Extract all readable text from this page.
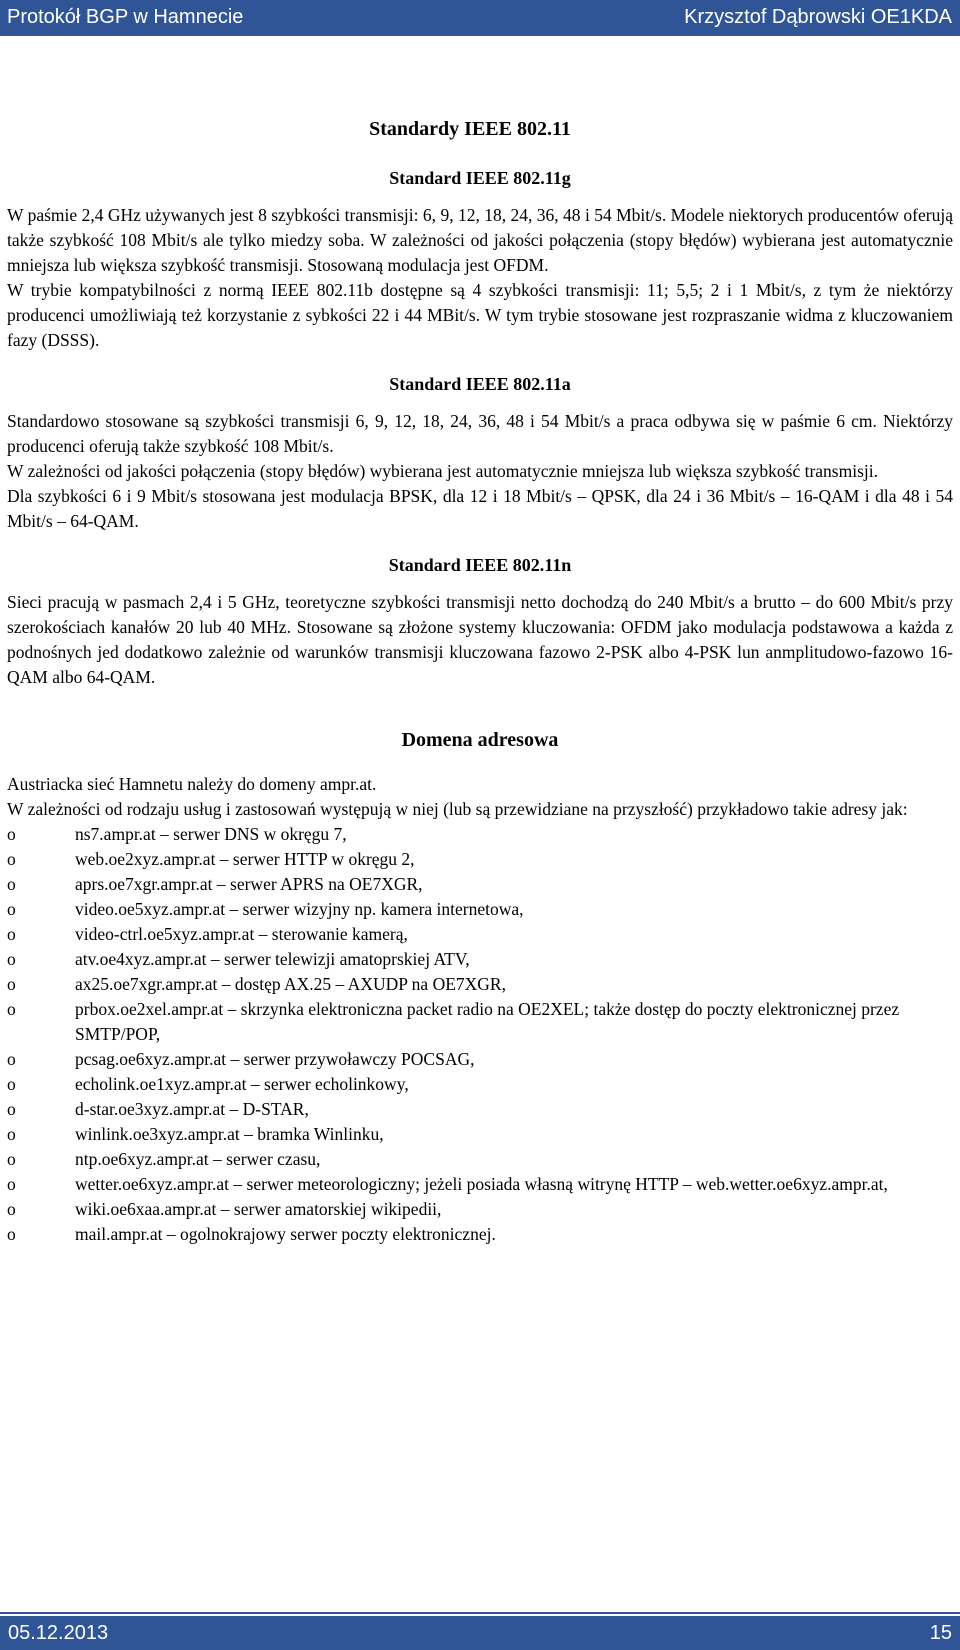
Protokół BGP w Hamnecie	Krzysztof Dąbrowski OE1KDA

Standardy IEEE 802.11

Standard IEEE 802.11g

W paśmie 2,4 GHz używanych jest 8 szybkości transmisji: 6, 9, 12, 18, 24, 36, 48 i 54 Mbit/s. Modele niektorych producentów oferują także szybkość 108 Mbit/s ale tylko miedzy soba. W zależności od jakości połączenia (stopy błędów) wybierana jest automatycznie mniejsza lub większa szybkość transmisji. Stosowaną modulacja jest OFDM.

W trybie kompatybilności z normą IEEE 802.11b dostępne są 4 szybkości transmisji: 11; 5,5; 2 i 1 Mbit/s, z tym że niektórzy producenci umożliwiają też korzystanie z sybkości 22 i 44 MBit/s. W tym trybie stosowane jest rozpraszanie widma z kluczowaniem fazy (DSSS).

Standard IEEE 802.11a

Standardowo stosowane są szybkości transmisji 6, 9, 12, 18, 24, 36, 48 i 54 Mbit/s a praca odbywa się w paśmie 6 cm. Niektórzy producenci oferują także szybkość 108 Mbit/s.

W zależności od jakości połączenia (stopy błędów) wybierana jest automatycznie mniejsza lub większa szybkość transmisji.

Dla szybkości 6 i 9 Mbit/s stosowana jest modulacja BPSK, dla 12 i 18 Mbit/s – QPSK, dla 24 i 36 Mbit/s – 16-QAM i dla 48 i 54 Mbit/s – 64-QAM.

Standard IEEE 802.11n

Sieci pracują w pasmach 2,4 i 5 GHz, teoretyczne szybkości transmisji netto dochodzą do 240 Mbit/s a brutto – do 600 Mbit/s przy szerokościach kanałów 20 lub 40 MHz. Stosowane są złożone systemy kluczowania: OFDM jako modulacja podstawowa a każda z podnośnych jed dodatkowo zależnie od warunków transmisji kluczowana fazowo 2-PSK albo 4-PSK lun anmplitudowo-fazowo 16-QAM albo 64-QAM.

Domena adresowa

Austriacka sieć Hamnetu należy do domeny ampr.at.

W zależności od rodzaju usług i zastosowań występują w niej (lub są przewidziane na przyszłość) przykładowo takie adresy jak:

o	ns7.ampr.at – serwer DNS w okręgu 7,
o	web.oe2xyz.ampr.at – serwer HTTP w okręgu 2,
o	aprs.oe7xgr.ampr.at – serwer APRS na OE7XGR,
o	video.oe5xyz.ampr.at – serwer wizyjny np. kamera internetowa,
o	video-ctrl.oe5xyz.ampr.at – sterowanie kamerą,
o	atv.oe4xyz.ampr.at – serwer telewizji amatoprskiej ATV,
o	ax25.oe7xgr.ampr.at – dostęp AX.25 – AXUDP na OE7XGR,
o	prbox.oe2xel.ampr.at – skrzynka elektroniczna packet radio na OE2XEL; także dostęp do poczty elektronicznej przez SMTP/POP,
o	pcsag.oe6xyz.ampr.at – serwer przywoławczy POCSAG,
o	echolink.oe1xyz.ampr.at – serwer echolinkowy,
o	d-star.oe3xyz.ampr.at – D-STAR,
o	winlink.oe3xyz.ampr.at – bramka Winlinku,
o	ntp.oe6xyz.ampr.at – serwer czasu,
o	wetter.oe6xyz.ampr.at – serwer meteorologiczny; jeżeli posiada własną witrynę HTTP – web.wetter.oe6xyz.ampr.at,
o	wiki.oe6xaa.ampr.at – serwer amatorskiej wikipedii,
o	mail.ampr.at – ogolnokrajowy serwer poczty elektronicznej.
05.12.2013	15
